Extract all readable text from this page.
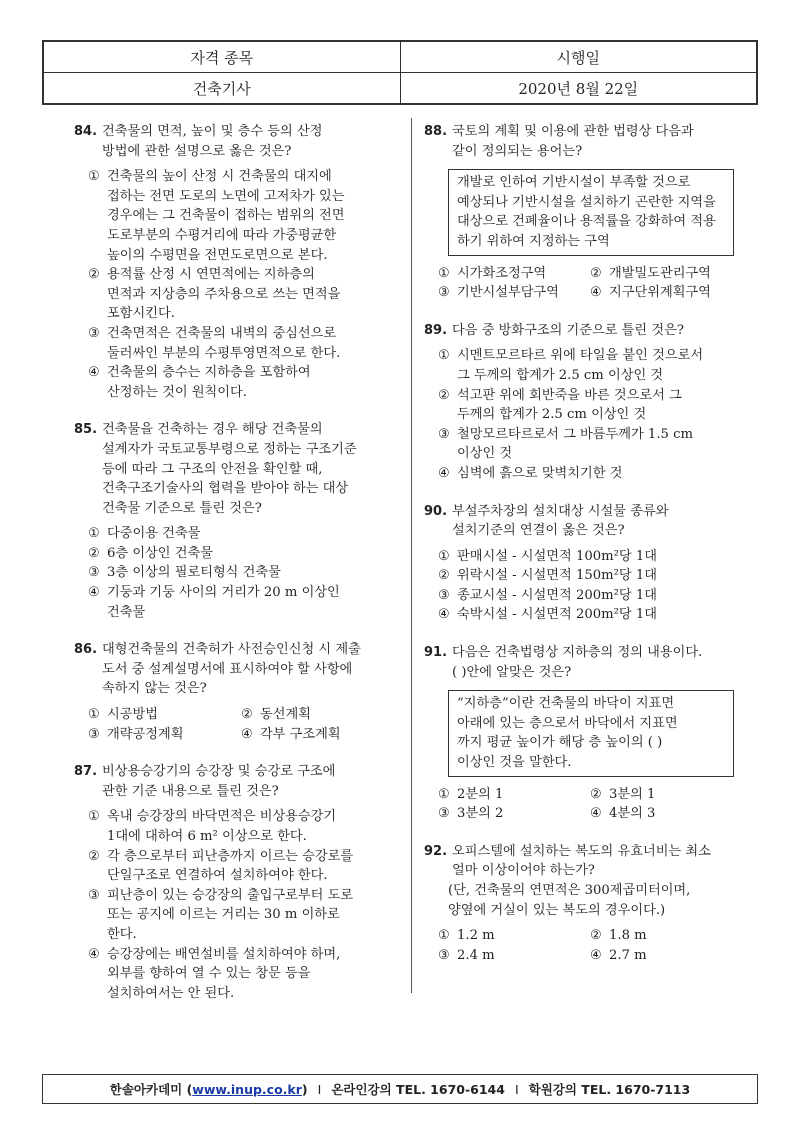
자격 종목	시행일
건축기사	2020년 8월 22일
84. 건축물의 면적, 높이 및 층수 등의 산정
방법에 관한 설명으로 옳은 것은?
① 건축물의 높이 산정 시 건축물의 대지에
접하는 전면 도로의 노면에 고저차가 있는
경우에는 그 건축물이 접하는 범위의 전면
도로부분의 수평거리에 따라 가중평균한
높이의 수평면을 전면도로면으로 본다.
② 용적률 산정 시 연면적에는 지하층의
면적과 지상층의 주차용으로 쓰는 면적을
포함시킨다.
③ 건축면적은 건축물의 내벽의 중심선으로
둘러싸인 부분의 수평투영면적으로 한다.
④ 건축물의 층수는 지하층을 포함하여
산정하는 것이 원칙이다.
85. 건축물을 건축하는 경우 해당 건축물의
설계자가 국토교통부령으로 정하는 구조기준
등에 따라 그 구조의 안전을 확인할 때,
건축구조기술사의 협력을 받아야 하는 대상
건축물 기준으로 틀린 것은?
① 다중이용 건축물
② 6층 이상인 건축물
③ 3층 이상의 필로티형식 건축물
④ 기둥과 기둥 사이의 거리가 20 m 이상인
건축물
86. 대형건축물의 건축허가 사전승인신청 시 제출
도서 중 설계설명서에 표시하여야 할 사항에
속하지 않는 것은?
① 시공방법	② 동선계획
③ 개략공정계획	④ 각부 구조계획
87. 비상용승강기의 승강장 및 승강로 구조에
관한 기준 내용으로 틀린 것은?
① 옥내 승강장의 바닥면적은 비상용승강기
1대에 대하여 6 m² 이상으로 한다.
② 각 층으로부터 피난층까지 이르는 승강로를
단일구조로 연결하여 설치하여야 한다.
③ 피난층이 있는 승강장의 출입구로부터 도로
또는 공지에 이르는 거리는 30 m 이하로
한다.
④ 승강장에는 배연설비를 설치하여야 하며,
외부를 향하여 열 수 있는 창문 등을
설치하여서는 안 된다.
88. 국토의 계획 및 이용에 관한 법령상 다음과
같이 정의되는 용어는?
개발로 인하여 기반시설이 부족할 것으로
예상되나 기반시설을 설치하기 곤란한 지역을
대상으로 건폐율이나 용적률을 강화하여 적용
하기 위하여 지정하는 구역
① 시가화조정구역	② 개발밀도관리구역
③ 기반시설부담구역 ④ 지구단위계획구역
89. 다음 중 방화구조의 기준으로 틀린 것은?
① 시멘트모르타르 위에 타일을 붙인 것으로서
그 두께의 합계가 2.5 cm 이상인 것
② 석고판 위에 회반죽을 바른 것으로서 그
두께의 합계가 2.5 cm 이상인 것
③ 철망모르타르로서 그 바름두께가 1.5 cm
이상인 것
④ 심벽에 흙으로 맞벽치기한 것
90. 부설주차장의 설치대상 시설물 종류와
설치기준의 연결이 옳은 것은?
① 판매시설 - 시설면적 100m²당 1대
② 위락시설 - 시설면적 150m²당 1대
③ 종교시설 - 시설면적 200m²당 1대
④ 숙박시설 - 시설면적 200m²당 1대
91. 다음은 건축법령상 지하층의 정의 내용이다.
( )안에 알맞은 것은?
“지하층”이란 건축물의 바닥이 지표면
아래에 있는 층으로서 바닥에서 지표면
까지 평균 높이가 해당 층 높이의 ( )
이상인 것을 말한다.
① 2분의 1	② 3분의 1
③ 3분의 2	④ 4분의 3
92. 오피스텔에 설치하는 복도의 유효너비는 최소
얼마 이상이어야 하는가?
(단, 건축물의 연면적은 300제곱미터이며,
양옆에 거실이 있는 복도의 경우이다.)
① 1.2 m	② 1.8 m
③ 2.4 m	④ 2.7 m
한솔아카데미 ( www.inup.co.kr ) I 온라인강의 TEL. 1670-6144 I 학원강의 TEL. 1670-7113
